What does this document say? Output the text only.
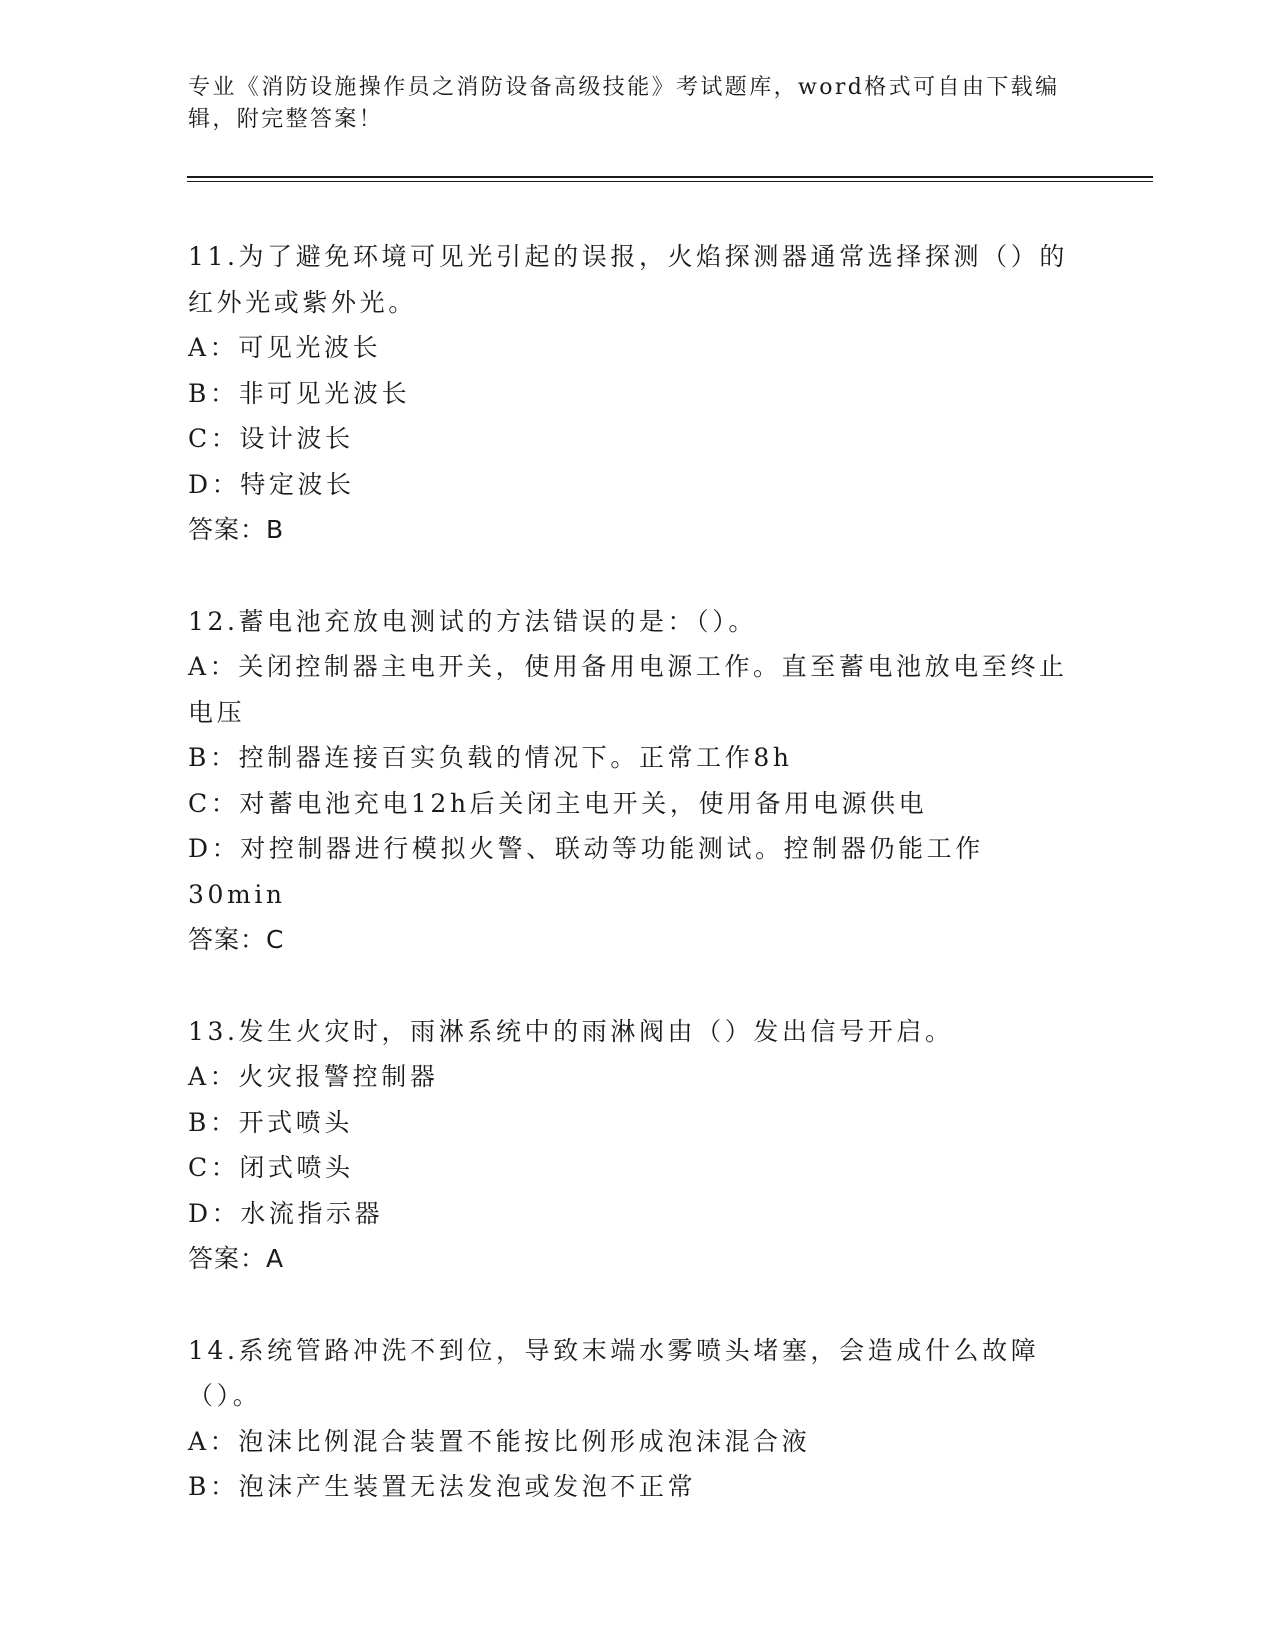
专业《消防设施操作员之消防设备高级技能》考试题库，word格式可自由下载编辑，附完整答案！
11.为了避免环境可见光引起的误报，火焰探测器通常选择探测（）的红外光或紫外光。
A：可见光波长
B：非可见光波长
C：设计波长
D：特定波长
答案：B
12.蓄电池充放电测试的方法错误的是：（）。
A：关闭控制器主电开关，使用备用电源工作。直至蓄电池放电至终止电压
B：控制器连接百实负载的情况下。正常工作8h
C：对蓄电池充电12h后关闭主电开关，使用备用电源供电
D：对控制器进行模拟火警、联动等功能测试。控制器仍能工作30min
答案：C
13.发生火灾时，雨淋系统中的雨淋阀由（）发出信号开启。
A：火灾报警控制器
B：开式喷头
C：闭式喷头
D：水流指示器
答案：A
14.系统管路冲洗不到位，导致末端水雾喷头堵塞，会造成什么故障（）。
A：泡沫比例混合装置不能按比例形成泡沫混合液
B：泡沫产生装置无法发泡或发泡不正常
